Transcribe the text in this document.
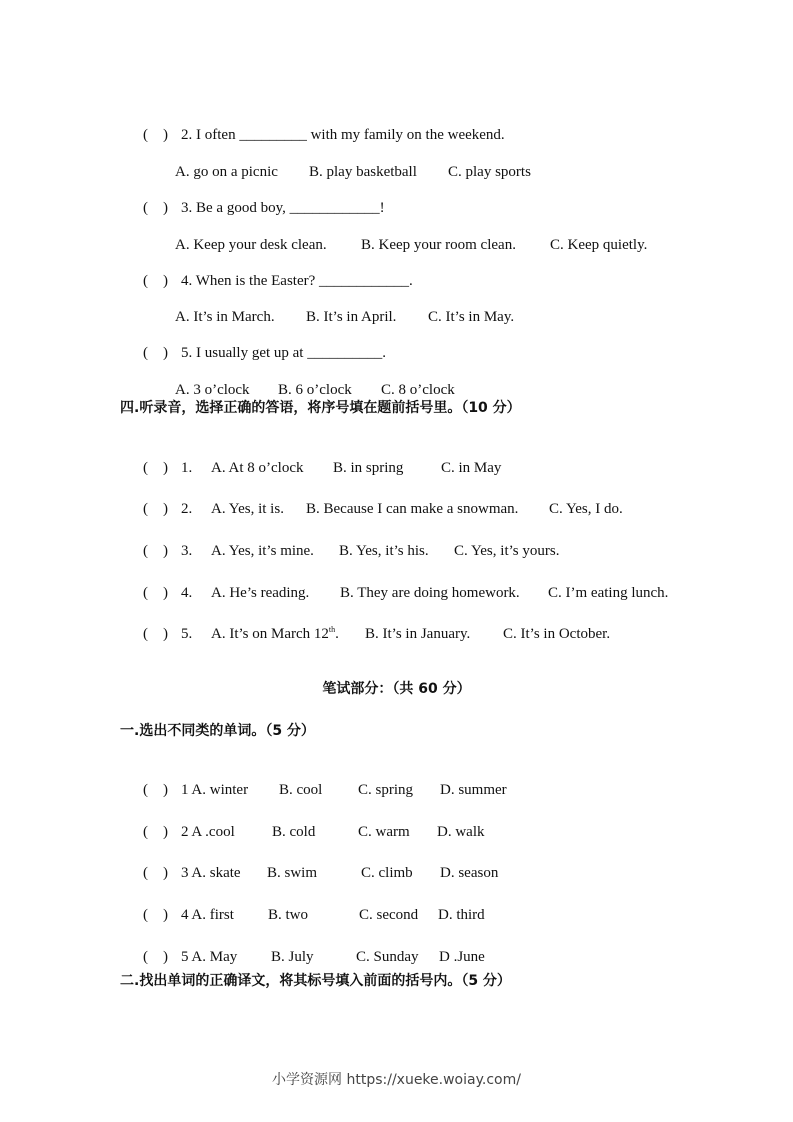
(    ) 2. I often _________ with my family on the weekend.

A. go on a picnic B. play basketball C. play sports

(    ) 3. Be a good boy, ____________!

A. Keep your desk clean. B. Keep your room clean. C. Keep quietly.

(    ) 4. When is the Easter? ____________.

A. It’s in March. B. It’s in April. C. It’s in May.

(    ) 5. I usually get up at __________.

A. 3 o’clock B. 6 o’clock C. 8 o’clock

四.听录音，选择正确的答语，将序号填在题前括号里。（10 分）

(    ) 1. A. At 8 o’clock B. in spring	C. in May

(    ) 2. A. Yes, it is. B. Because I can make a snowman. C. Yes, I do.

(    ) 3. A. Yes, it’s mine. B. Yes, it’s his. C. Yes, it’s yours.

(    ) 4. A. He’s reading. B. They are doing homework. C. I’m eating lunch.

(    ) 5. A. It’s on March 12th. B. It’s in January. C. It’s in October.

笔试部分：（共 60 分）
一.选出不同类的单词。（5 分）

(    ) 1 A. winter B. cool C. spring D. summer

(    ) 2 A .cool B. cold	C. warm D. walk

(    ) 3 A. skate B. swim	C. climb D. season

(    ) 4 A. first B. two	C. second D. third

(    ) 5 A. May B. July	C. Sunday D .June

二.找出单词的正确译文，将其标号填入前面的括号内。（5 分）
小学资源网 https://xueke.woiay.com/
